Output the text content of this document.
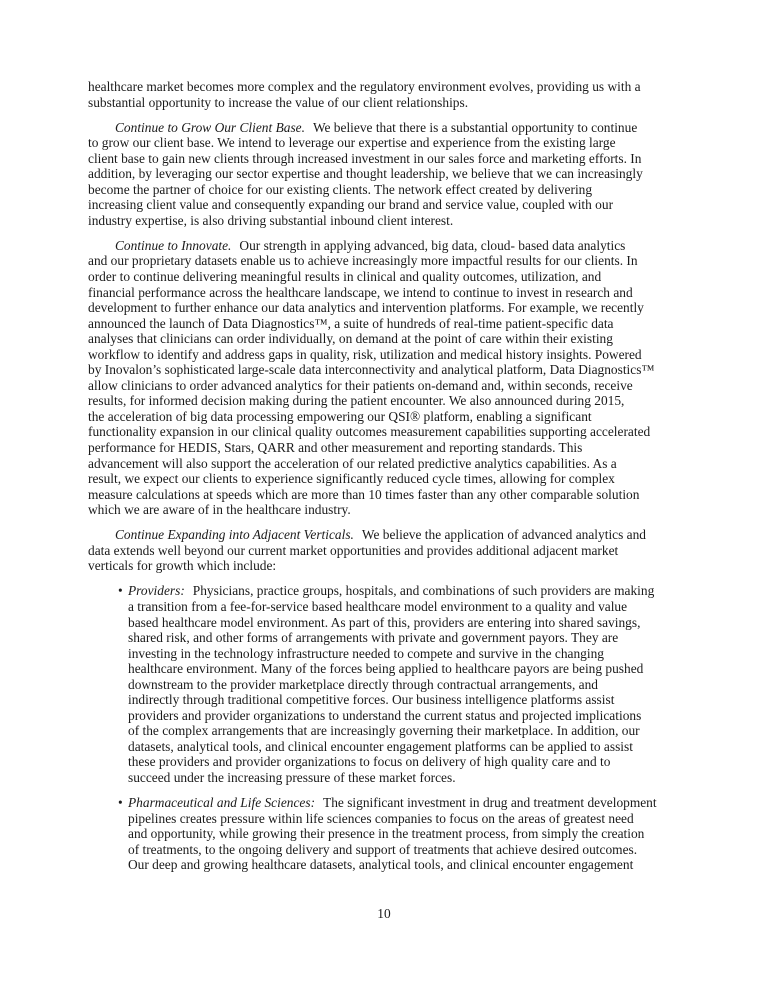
healthcare market becomes more complex and the regulatory environment evolves, providing us with a
substantial opportunity to increase the value of our client relationships.
Continue to Grow Our Client Base. We believe that there is a substantial opportunity to continue
to grow our client base. We intend to leverage our expertise and experience from the existing large
client base to gain new clients through increased investment in our sales force and marketing efforts. In
addition, by leveraging our sector expertise and thought leadership, we believe that we can increasingly
become the partner of choice for our existing clients. The network effect created by delivering
increasing client value and consequently expanding our brand and service value, coupled with our
industry expertise, is also driving substantial inbound client interest.
Continue to Innovate. Our strength in applying advanced, big data, cloud- based data analytics
and our proprietary datasets enable us to achieve increasingly more impactful results for our clients. In
order to continue delivering meaningful results in clinical and quality outcomes, utilization, and
financial performance across the healthcare landscape, we intend to continue to invest in research and
development to further enhance our data analytics and intervention platforms. For example, we recently
announced the launch of Data Diagnostics™, a suite of hundreds of real-time patient-specific data
analyses that clinicians can order individually, on demand at the point of care within their existing
workflow to identify and address gaps in quality, risk, utilization and medical history insights. Powered
by Inovalon’s sophisticated large-scale data interconnectivity and analytical platform, Data Diagnostics™
allow clinicians to order advanced analytics for their patients on-demand and, within seconds, receive
results, for informed decision making during the patient encounter. We also announced during 2015,
the acceleration of big data processing empowering our QSI® platform, enabling a significant
functionality expansion in our clinical quality outcomes measurement capabilities supporting accelerated
performance for HEDIS, Stars, QARR and other measurement and reporting standards. This
advancement will also support the acceleration of our related predictive analytics capabilities. As a
result, we expect our clients to experience significantly reduced cycle times, allowing for complex
measure calculations at speeds which are more than 10 times faster than any other comparable solution
which we are aware of in the healthcare industry.
Continue Expanding into Adjacent Verticals. We believe the application of advanced analytics and
data extends well beyond our current market opportunities and provides additional adjacent market
verticals for growth which include:
• Providers: Physicians, practice groups, hospitals, and combinations of such providers are making
a transition from a fee-for-service based healthcare model environment to a quality and value
based healthcare model environment. As part of this, providers are entering into shared savings,
shared risk, and other forms of arrangements with private and government payors. They are
investing in the technology infrastructure needed to compete and survive in the changing
healthcare environment. Many of the forces being applied to healthcare payors are being pushed
downstream to the provider marketplace directly through contractual arrangements, and
indirectly through traditional competitive forces. Our business intelligence platforms assist
providers and provider organizations to understand the current status and projected implications
of the complex arrangements that are increasingly governing their marketplace. In addition, our
datasets, analytical tools, and clinical encounter engagement platforms can be applied to assist
these providers and provider organizations to focus on delivery of high quality care and to
succeed under the increasing pressure of these market forces.
• Pharmaceutical and Life Sciences: The significant investment in drug and treatment development
pipelines creates pressure within life sciences companies to focus on the areas of greatest need
and opportunity, while growing their presence in the treatment process, from simply the creation
of treatments, to the ongoing delivery and support of treatments that achieve desired outcomes.
Our deep and growing healthcare datasets, analytical tools, and clinical encounter engagement
10
